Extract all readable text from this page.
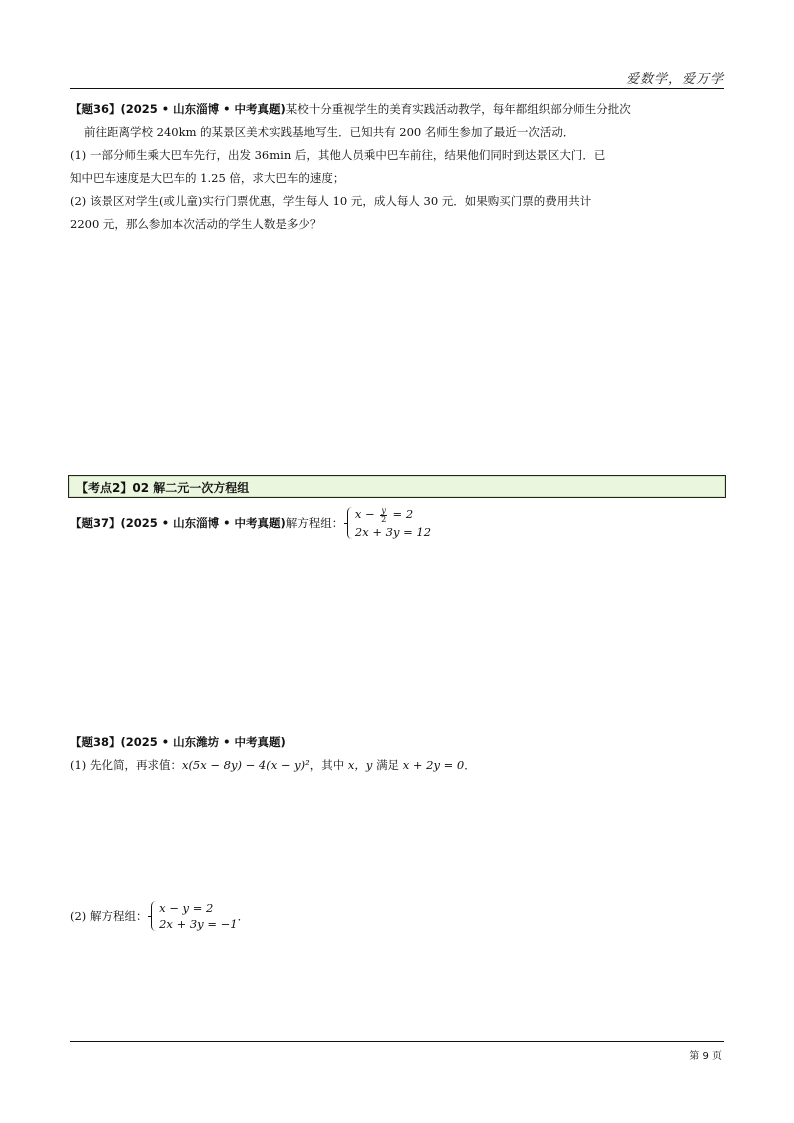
爱数学，爱万学
【题36】(2025 • 山东淄博 • 中考真题)某校十分重视学生的美育实践活动教学，每年都组织部分师生分批次
前往距离学校 240km 的某景区美术实践基地写生．已知共有 200 名师生参加了最近一次活动．
(1) 一部分师生乘大巴车先行，出发 36min 后，其他人员乘中巴车前往，结果他们同时到达景区大门．已
知中巴车速度是大巴车的 1.25 倍，求大巴车的速度；
(2) 该景区对学生(或儿童)实行门票优惠，学生每人 10 元，成人每人 30 元．如果购买门票的费用共计
2200 元，那么参加本次活动的学生人数是多少？
【考点2】02 解二元一次方程组
【题37】(2025 • 山东淄博 • 中考真题)解方程组：
$x - \frac{y}{2} = 2$
2x + 3y = 12
【题38】(2025 • 山东潍坊 • 中考真题)
(1) 先化简，再求值：x(5x − 8y) − 4(x − y)²，其中 x，y 满足 x + 2y = 0．
(2) 解方程组：
x − y = 2
2x + 3y = −1
．
第 9 页
